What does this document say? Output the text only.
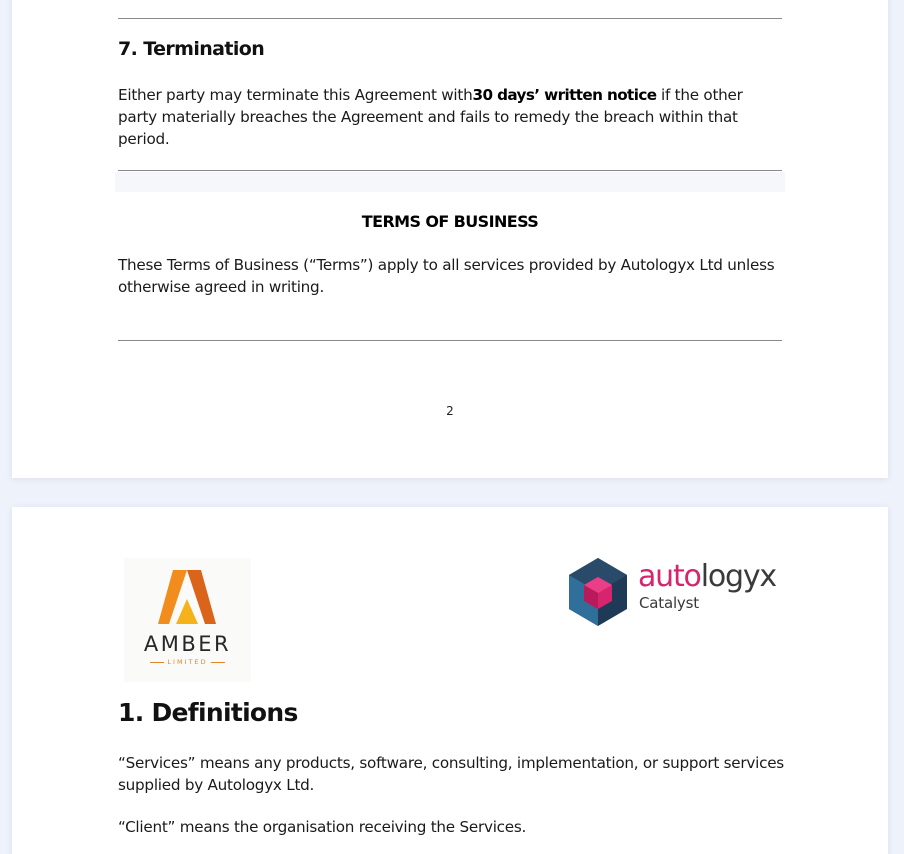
7. Termination

Either party may terminate this Agreement with30 days’ written notice if the other party materially breaches the Agreement and fails to remedy the breach within that period.

TERMS OF BUSINESS

These Terms of Business (“Terms”) apply to all services provided by Autologyx Ltd unless otherwise agreed in writing.

2
AMBER
LIMITED
autologyx
Catalyst
1. Definitions

“Services” means any products, software, consulting, implementation, or support services supplied by Autologyx Ltd.

“Client” means the organisation receiving the Services.
